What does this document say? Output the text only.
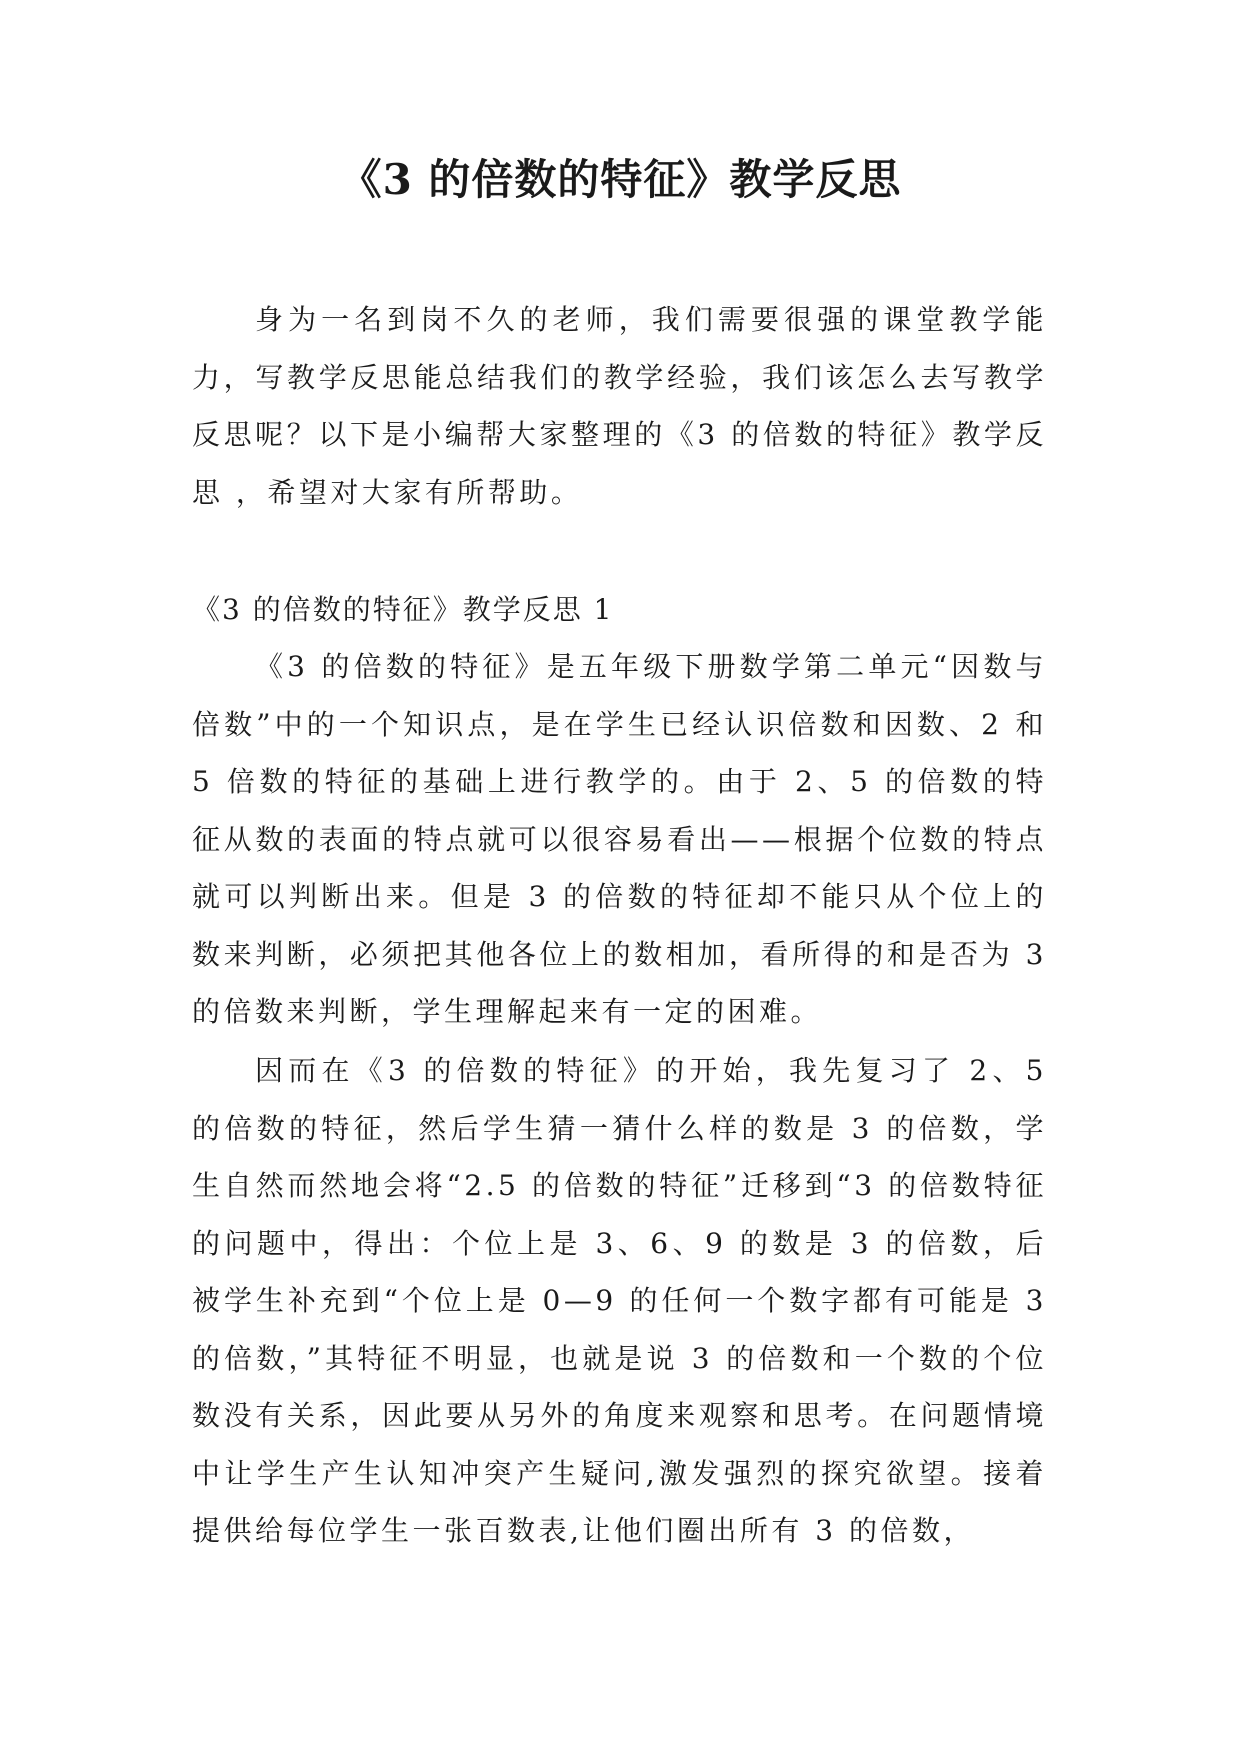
《3 的倍数的特征》教学反思

身为一名到岗不久的老师，我们需要很强的课堂教学能力，写教学反思能总结我们的教学经验，我们该怎么去写教学反思呢？以下是小编帮大家整理的《3 的倍数的特征》教学反思 ，希望对大家有所帮助。

《3 的倍数的特征》教学反思 1

《3 的倍数的特征》是五年级下册数学第二单元“因数与倍数”中的一个知识点，是在学生已经认识倍数和因数、2 和 5 倍数的特征的基础上进行教学的。由于 2、5 的倍数的特征从数的表面的特点就可以很容易看出——根据个位数的特点就可以判断出来。但是 3 的倍数的特征却不能只从个位上的数来判断，必须把其他各位上的数相加，看所得的和是否为 3 的倍数来判断，学生理解起来有一定的困难。

因而在《3 的倍数的特征》的开始，我先复习了 2、5 的倍数的特征，然后学生猜一猜什么样的数是 3 的倍数，学生自然而然地会将“2.5 的倍数的特征”迁移到“3 的倍数特征的问题中，得出：个位上是 3、6、9 的数是 3 的倍数，后被学生补充到“个位上是 0—9 的任何一个数字都有可能是 3 的倍数，”其特征不明显，也就是说 3 的倍数和一个数的个位数没有关系，因此要从另外的角度来观察和思考。在问题情境中让学生产生认知冲突产生疑问,激发强烈的探究欲望。接着提供给每位学生一张百数表,让他们圈出所有 3 的倍数，
